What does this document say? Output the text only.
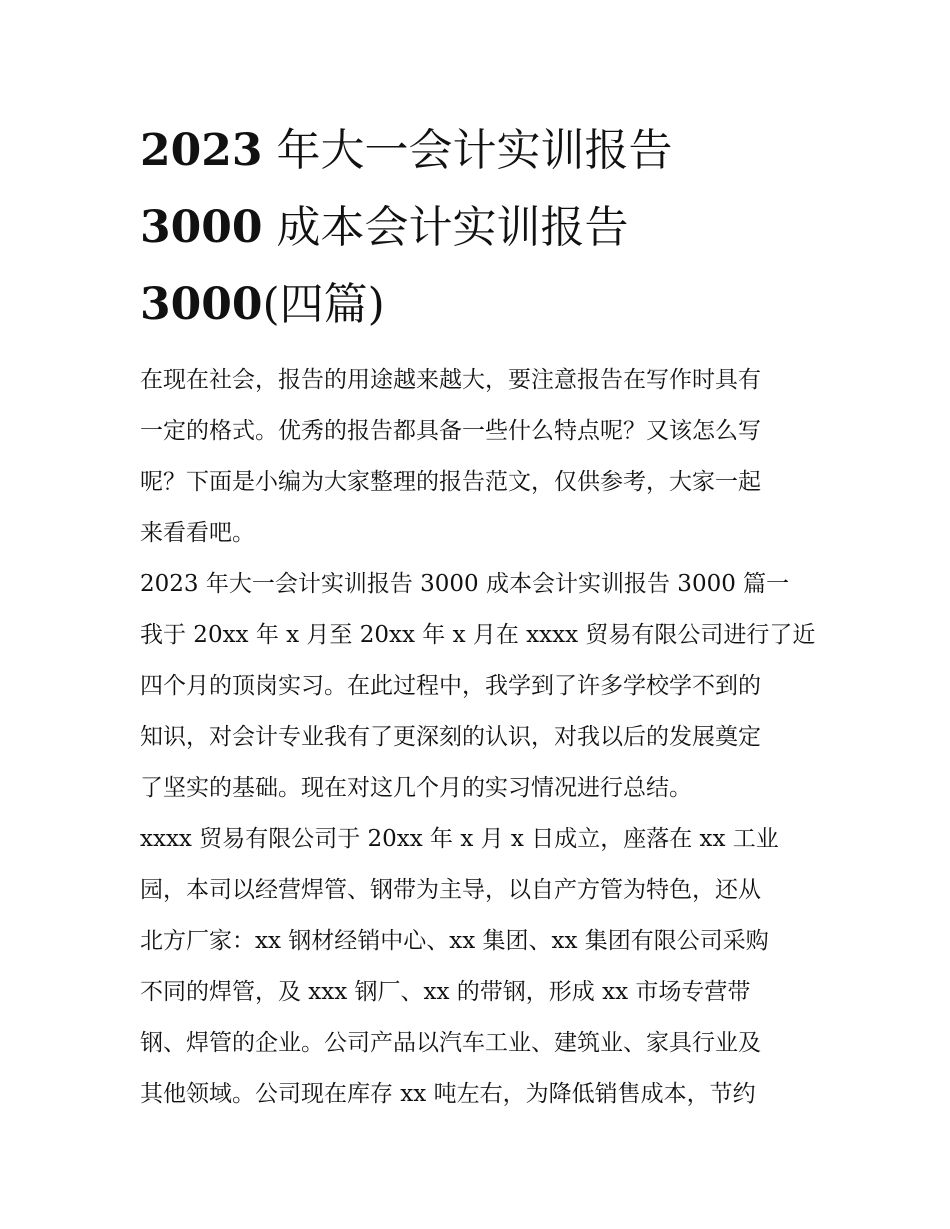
2023 年大一会计实训报告
3000 成本会计实训报告
3000(四篇)
在现在社会，报告的用途越来越大，要注意报告在写作时具有
一定的格式。优秀的报告都具备一些什么特点呢？又该怎么写
呢？下面是小编为大家整理的报告范文，仅供参考，大家一起
来看看吧。
2023 年大一会计实训报告 3000 成本会计实训报告 3000 篇一
我于 20xx 年 x 月至 20xx 年 x 月在 xxxx 贸易有限公司进行了近
四个月的顶岗实习。在此过程中，我学到了许多学校学不到的
知识，对会计专业我有了更深刻的认识，对我以后的发展奠定
了坚实的基础。现在对这几个月的实习情况进行总结。
xxxx 贸易有限公司于 20xx 年 x 月 x 日成立，座落在 xx 工业
园，本司以经营焊管、钢带为主导，以自产方管为特色，还从
北方厂家：xx 钢材经销中心、xx 集团、xx 集团有限公司采购
不同的焊管，及 xxx 钢厂、xx 的带钢，形成 xx 市场专营带
钢、焊管的企业。公司产品以汽车工业、建筑业、家具行业及
其他领域。公司现在库存 xx 吨左右，为降低销售成本，节约
